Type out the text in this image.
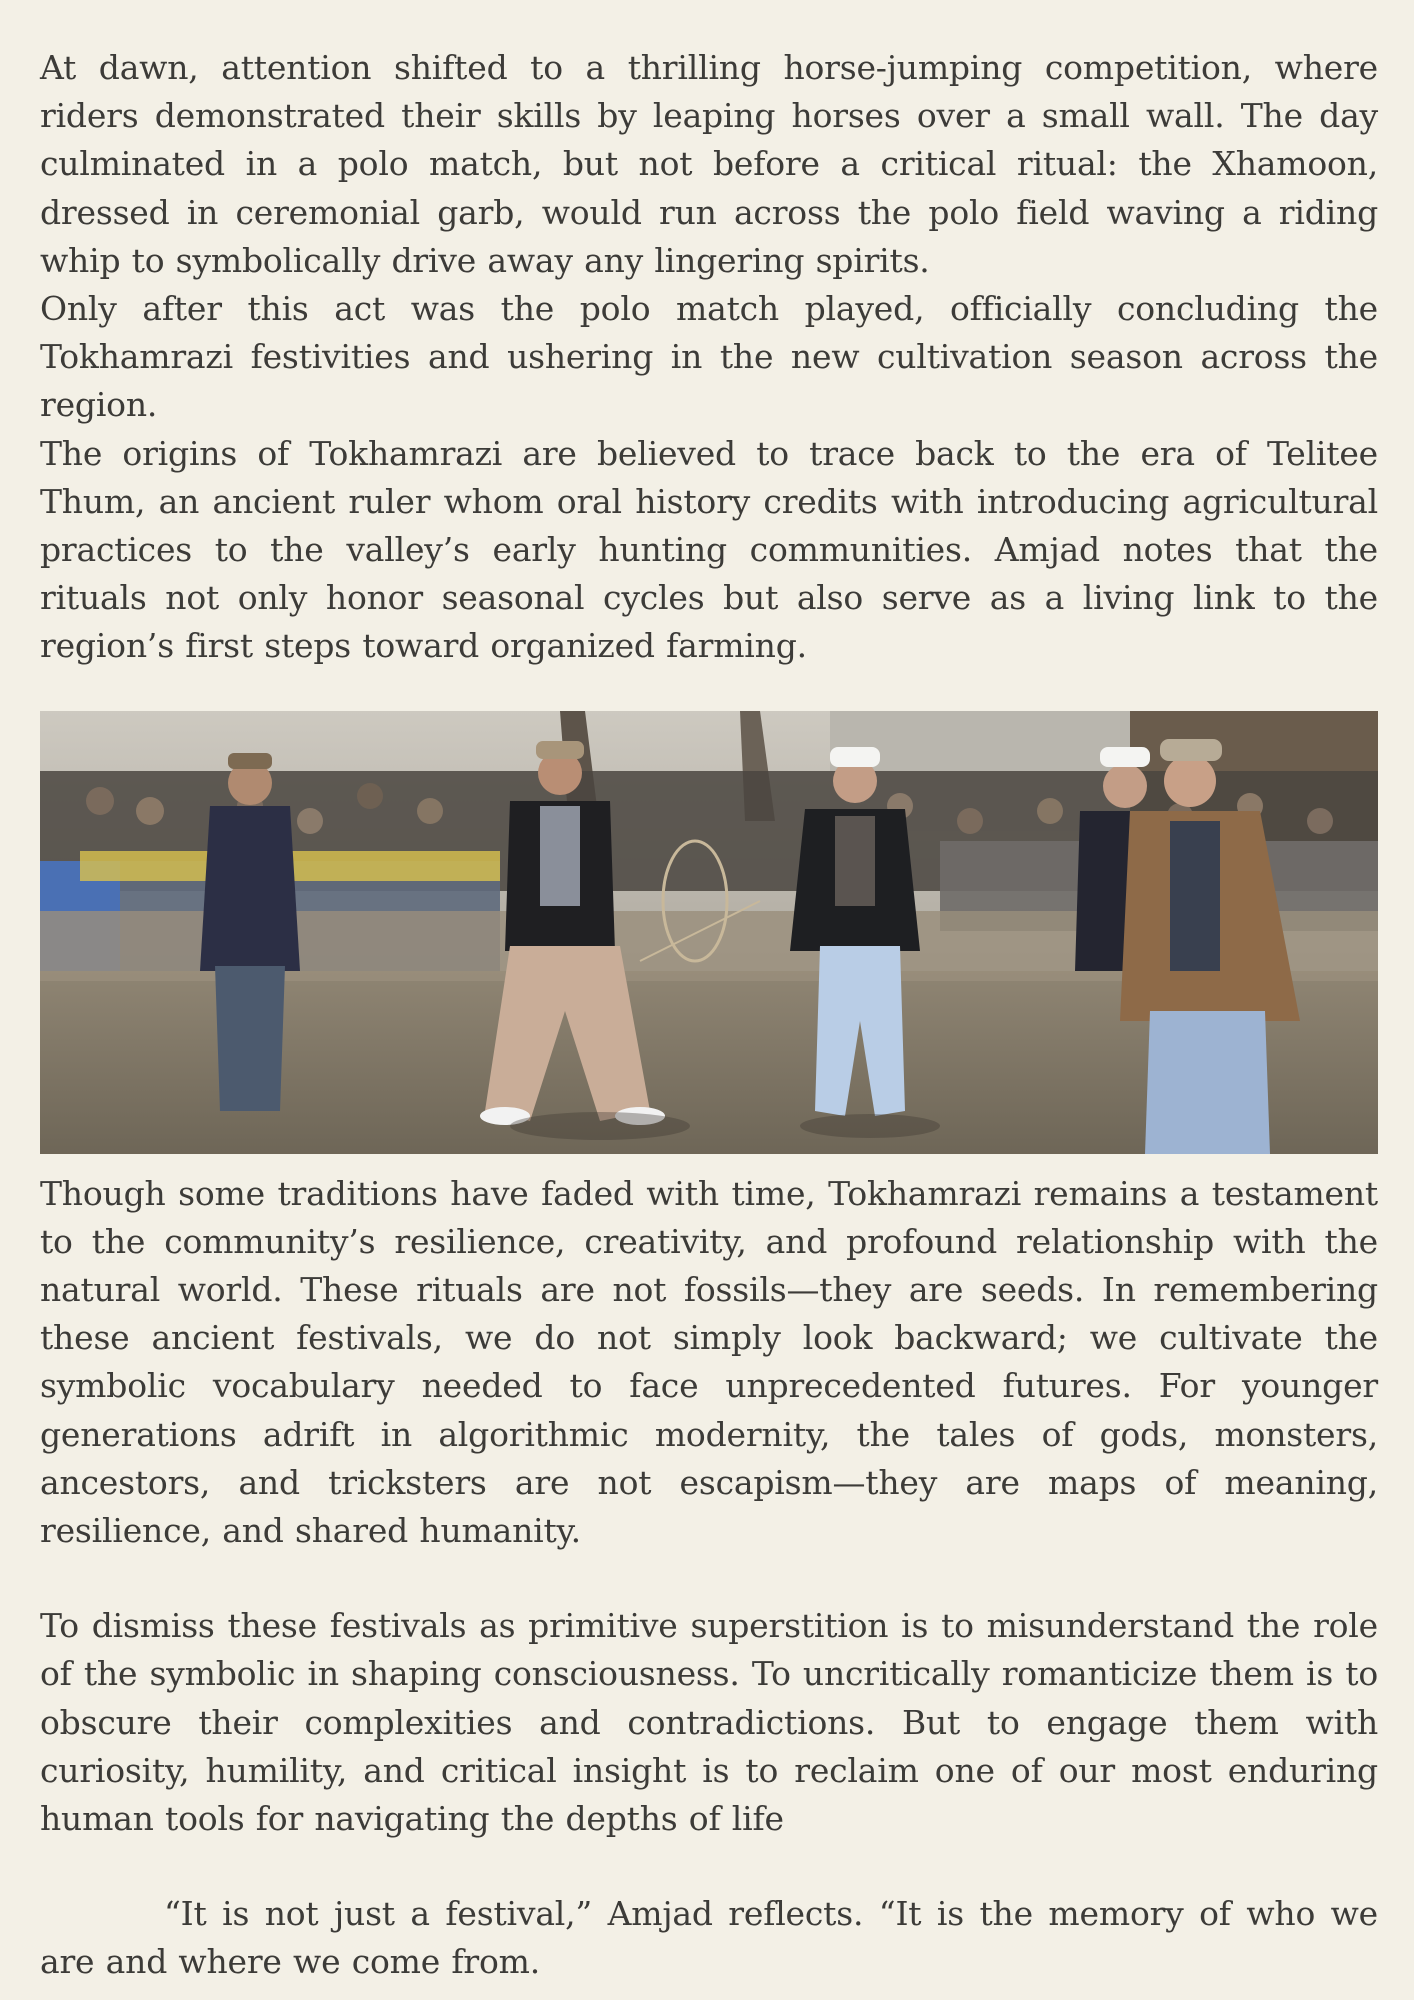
At dawn, attention shifted to a thrilling horse-jumping competition, where riders demonstrated their skills by leaping horses over a small wall. The day culminated in a polo match, but not before a critical ritual: the Xhamoon, dressed in ceremonial garb, would run across the polo field waving a riding whip to symbolically drive away any lingering spirits.

Only after this act was the polo match played, officially concluding the Tokhamrazi festivities and ushering in the new cultivation season across the region.

The origins of Tokhamrazi are believed to trace back to the era of Telitee Thum, an ancient ruler whom oral history credits with introducing agricultural practices to the valley’s early hunting communities. Amjad notes that the rituals not only honor seasonal cycles but also serve as a living link to the region’s first steps toward organized farming.

Though some traditions have faded with time, Tokhamrazi remains a testament to the community’s resilience, creativity, and profound relationship with the natural world. These rituals are not fossils—they are seeds. In remembering these ancient festivals, we do not simply look backward; we cultivate the symbolic vocabulary needed to face unprecedented futures. For younger generations adrift in algorithmic modernity, the tales of gods, monsters, ancestors, and tricksters are not escapism—they are maps of meaning, resilience, and shared humanity.

To dismiss these festivals as primitive superstition is to misunderstand the role of the symbolic in shaping consciousness. To uncritically romanticize them is to obscure their complexities and contradictions. But to engage them with curiosity, humility, and critical insight is to reclaim one of our most enduring human tools for navigating the depths of life

“It is not just a festival,” Amjad reflects. “It is the memory of who we are and where we come from.
